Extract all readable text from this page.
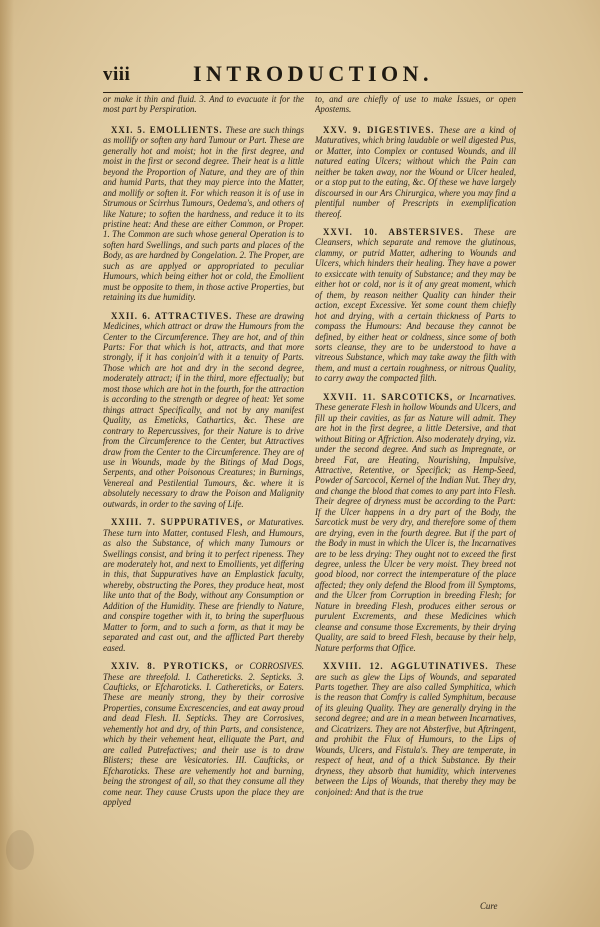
viii	INTRODUCTION.

or make it thin and fluid. 3. And to evacuate it for the most part by Perspiration.

XXI. 5. EMOLLIENTS. These are such things as mollify or soften any hard Tumour or Part. These are generally hot and moist; hot in the first degree, and moist in the first or second degree. Their heat is a little beyond the Proportion of Nature, and they are of thin and humid Parts, that they may pierce into the Matter, and mollify or soften it. For which reason it is of use in Strumous or Scirrhus Tumours, Oedema's, and others of like Nature; to soften the hardness, and reduce it to its pristine heat: And these are either Common, or Proper. 1. The Common are such whose general Operation is to soften hard Swellings, and such parts and places of the Body, as are hardned by Congelation. 2. The Proper, are such as are applyed or appropriated to peculiar Humours, which being either hot or cold, the Emollient must be opposite to them, in those active Properties, but retaining its due humidity.

XXII. 6. ATTRACTIVES. These are drawing Medicines, which attract or draw the Humours from the Center to the Circumference. They are hot, and of thin Parts: For that which is hot, attracts, and that more strongly, if it has conjoin'd with it a tenuity of Parts. Those which are hot and dry in the second degree, moderately attract; if in the third, more effectually; but most those which are hot in the fourth, for the attraction is according to the strength or degree of heat: Yet some things attract Specifically, and not by any manifest Quality, as Emeticks, Cathartics, &c. These are contrary to Repercussives, for their Nature is to drive from the Circumference to the Center, but Attractives draw from the Center to the Circumference. They are of use in Wounds, made by the Bitings of Mad Dogs, Serpents, and other Poisonous Creatures; in Burnings, Venereal and Pestilential Tumours, &c. where it is absolutely necessary to draw the Poison and Malignity outwards, in order to the saving of Life.

XXIII. 7. SUPPURATIVES, or Maturatives. These turn into Matter, contused Flesh, and Humours, as also the Substance, of which many Tumours or Swellings consist, and bring it to perfect ripeness. They are moderately hot, and next to Emollients, yet differing in this, that Suppuratives have an Emplastick faculty, whereby, obstructing the Pores, they produce heat, most like unto that of the Body, without any Consumption or Addition of the Humidity. These are friendly to Nature, and conspire together with it, to bring the superfluous Matter to form, and to such a form, as that it may be separated and cast out, and the afflicted Part thereby eased.

XXIV. 8. PYROTICKS, or CORROSIVES. These are threefold. I. Cathereticks. 2. Septicks. 3. Caufticks, or Efcharoticks. I. Cathereticks, or Eaters. These are meanly strong, they by their corrosive Properties, consume Excrescencies, and eat away proud and dead Flesh. II. Septicks. They are Corrosives, vehemently hot and dry, of thin Parts, and consistence, which by their vehement heat, elliquate the Part, and are called Putrefactives; and their use is to draw Blisters; these are Vesicatories. III. Caufticks, or Efcharoticks. These are vehemently hot and burning, being the strongest of all, so that they consume all they come near. They cause Crusts upon the place they are applyed

to, and are chiefly of use to make Issues, or open Apostems.

XXV. 9. DIGESTIVES. These are a kind of Maturatives, which bring laudable or well digested Pus, or Matter, into Complex or contused Wounds, and ill natured eating Ulcers; without which the Pain can neither be taken away, nor the Wound or Ulcer healed, or a stop put to the eating, &c. Of these we have largely discoursed in our Ars Chirurgica, where you may find a plentiful number of Prescripts in exemplification thereof.

XXVI. 10. ABSTERSIVES. These are Cleansers, which separate and remove the glutinous, clammy, or putrid Matter, adhering to Wounds and Ulcers, which hinders their healing. They have a power to exsiccate with tenuity of Substance; and they may be either hot or cold, nor is it of any great moment, which of them, by reason neither Quality can hinder their action, except Excessive. Yet some count them chiefly hot and drying, with a certain thickness of Parts to compass the Humours: And because they cannot be defined, by either heat or coldness, since some of both sorts cleanse, they are to be understood to have a vitreous Substance, which may take away the filth with them, and must a certain roughness, or nitrous Quality, to carry away the compacted filth.

XXVII. 11. SARCOTICKS, or Incarnatives. These generate Flesh in hollow Wounds and Ulcers, and fill up their cavities, as far as Nature will admit. They are hot in the first degree, a little Detersive, and that without Biting or Affriction. Also moderately drying, viz. under the second degree. And such as Impregnate, or breed Fat, are Heating, Nourishing, Impulsive, Attractive, Retentive, or Specifick; as Hemp-Seed, Powder of Sarcocol, Kernel of the Indian Nut. They dry, and change the blood that comes to any part into Flesh. Their degree of dryness must be according to the Part: If the Ulcer happens in a dry part of the Body, the Sarcotick must be very dry, and therefore some of them are drying, even in the fourth degree. But if the part of the Body in must in which the Ulcer is, the Incarnatives are to be less drying: They ought not to exceed the first degree, unless the Ulcer be very moist. They breed not good blood, nor correct the intemperature of the place affected; they only defend the Blood from ill Symptoms, and the Ulcer from Corruption in breeding Flesh; for Nature in breeding Flesh, produces either serous or purulent Excrements, and these Medicines which cleanse and consume those Excrements, by their drying Quality, are said to breed Flesh, because by their help, Nature performs that Office.

XXVIII. 12. AGGLUTINATIVES. These are such as glew the Lips of Wounds, and separated Parts together. They are also called Symphitica, which is the reason that Comfry is called Symphitum, because of its gleuing Quality. They are generally drying in the second degree; and are in a mean between Incarnatives, and Cicatrizers. They are not Absterfive, but Aftringent, and prohibit the Flux of Humours, to the Lips of Wounds, Ulcers, and Fistula's. They are temperate, in respect of heat, and of a thick Substance. By their dryness, they absorb that humidity, which intervenes between the Lips of Wounds, that thereby they may be conjoined: And that is the true

Cure
